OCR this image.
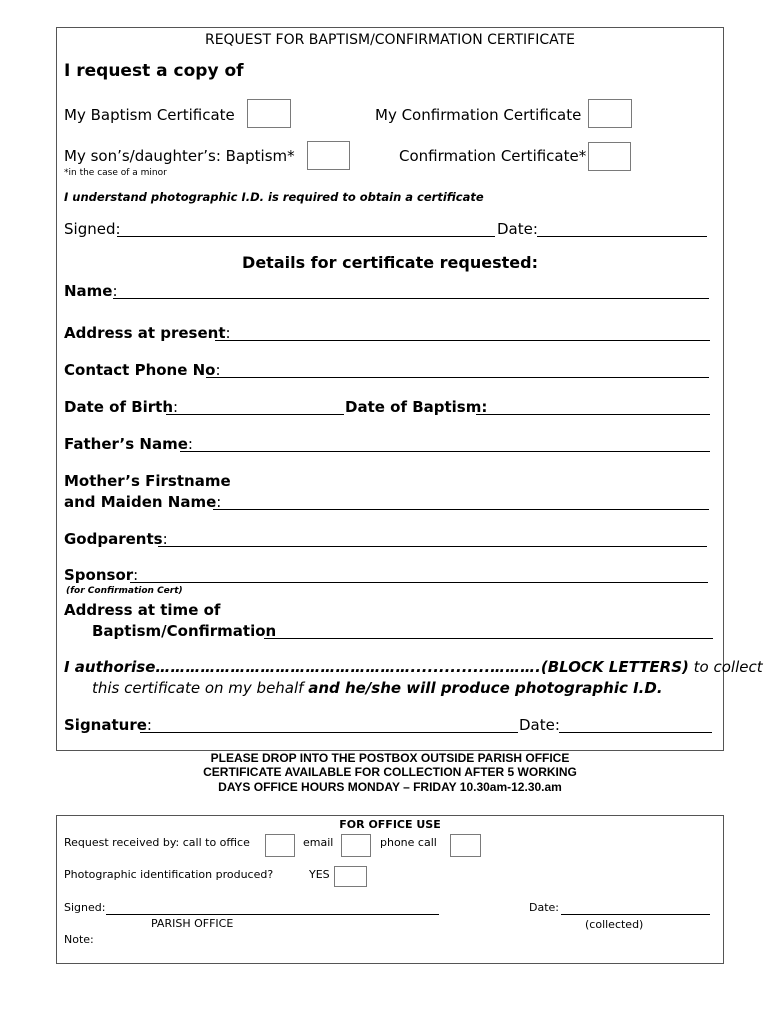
REQUEST FOR BAPTISM/CONFIRMATION CERTIFICATE
I request a copy of
My Baptism Certificate	My Confirmation Certificate
My son’s/daughter’s: Baptism*	Confirmation Certificate*
*in the case of a minor
I understand photographic I.D. is required to obtain a certificate
Signed:	Date:
Details for certificate requested:
Name:
Address at present:
Contact Phone No:
Date of Birth:	Date of Baptism:
Father’s Name:
Mother’s Firstname
and Maiden Name:
Godparents:
Sponsor:
(for Confirmation Cert)
Address at time of
Baptism/Confirmation
I authorise……………………………………………..............……….(BLOCK LETTERS) to collect
this certificate on my behalf and he/she will produce photographic I.D.
Signature:	Date:
PLEASE DROP INTO THE POSTBOX OUTSIDE PARISH OFFICE
CERTIFICATE AVAILABLE FOR COLLECTION AFTER 5 WORKING
DAYS OFFICE HOURS MONDAY – FRIDAY 10.30am-12.30.am
FOR OFFICE USE
Request received by: call to office	email	phone call
Photographic identification produced?	YES
Signed:
PARISH OFFICE
Date:
(collected)
Note:
